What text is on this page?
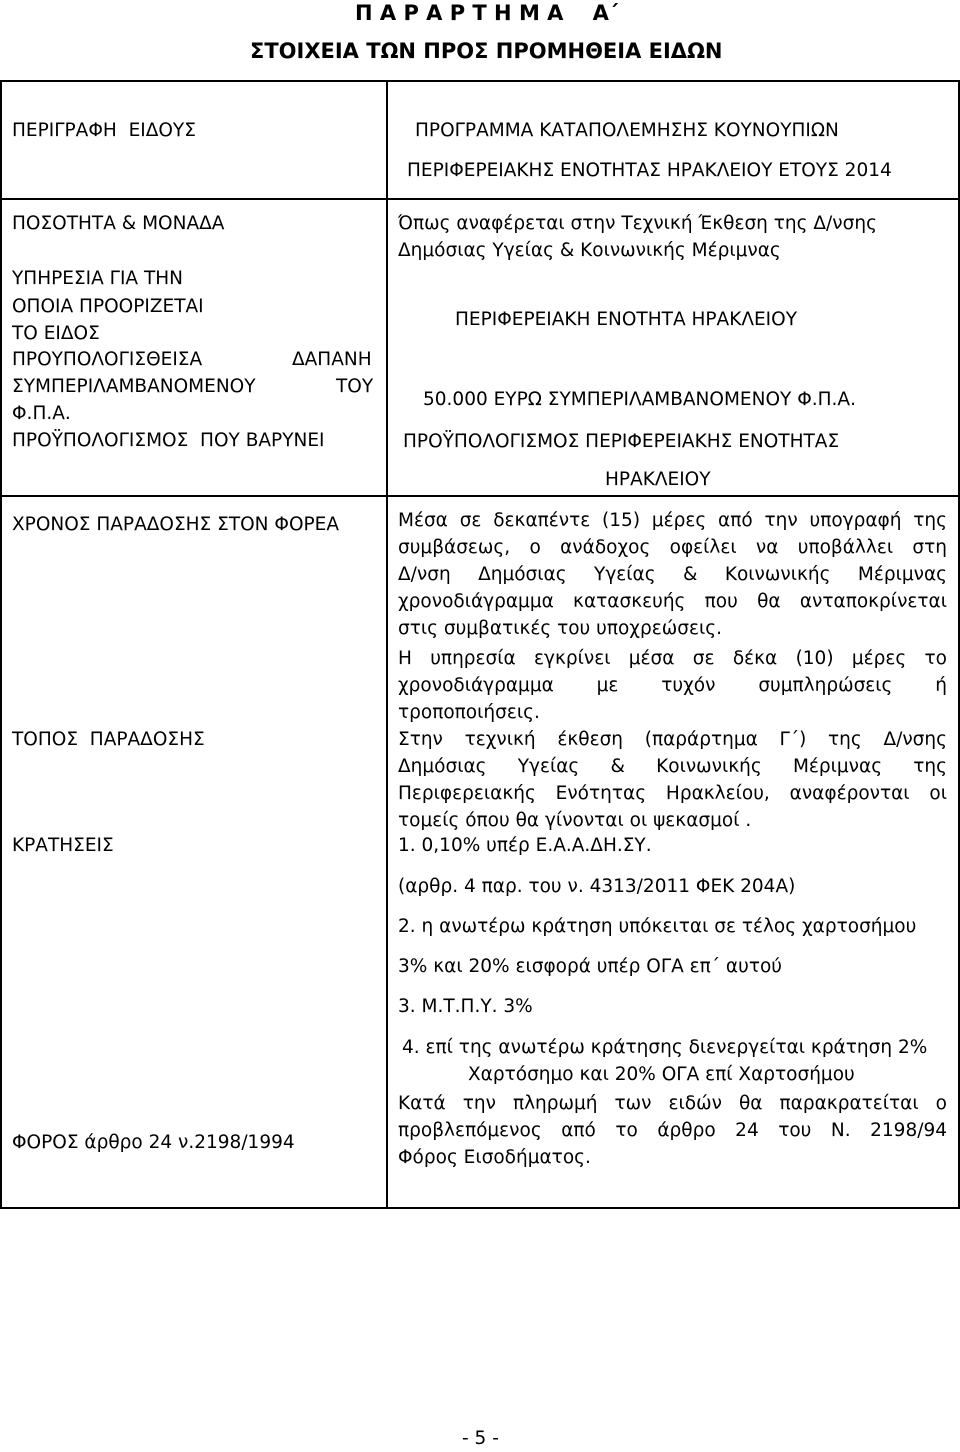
Π Α Ρ Α Ρ Τ Η Μ Α    Α΄
ΣΤΟΙΧΕΙΑ ΤΩΝ ΠΡΟΣ ΠΡΟΜΗΘΕΙΑ ΕΙΔΩΝ
ΠΕΡΙΓΡΑΦΗ  ΕΙΔΟΥΣ
ΠΟΣΟΤΗΤΑ & ΜΟΝΑΔΑ
ΥΠΗΡΕΣΙΑ ΓΙΑ ΤΗΝ
ΟΠΟΙΑ ΠΡΟΟΡΙΖΕΤΑΙ
ΤΟ ΕΙΔΟΣ
ΠΡΟΥΠΟΛΟΓΙΣΘΕΙΣΑ	ΔΑΠΑΝΗ
ΣΥΜΠΕΡΙΛΑΜΒΑΝΟΜΕΝΟΥ	ΤΟΥ
Φ.Π.Α.
ΠΡΟΫΠΟΛΟΓΙΣΜΟΣ  ΠΟΥ ΒΑΡΥΝΕΙ
ΧΡΟΝΟΣ ΠΑΡΑΔΟΣΗΣ ΣΤΟΝ ΦΟΡΕΑ
ΤΟΠΟΣ  ΠΑΡΑΔΟΣΗΣ
ΚΡΑΤΗΣΕΙΣ
ΦΟΡΟΣ άρθρο 24 ν.2198/1994
ΠΡΟΓΡΑΜΜΑ ΚΑΤΑΠΟΛΕΜΗΣΗΣ ΚΟΥΝΟΥΠΙΩΝ
ΠΕΡΙΦΕΡΕΙΑΚΗΣ ΕΝΟΤΗΤΑΣ ΗΡΑΚΛΕΙΟΥ ΕΤΟΥΣ 2014
Όπως αναφέρεται στην Τεχνική Έκθεση της Δ/νσης
Δημόσιας Υγείας & Κοινωνικής Μέριμνας
ΠΕΡΙΦΕΡΕΙΑΚΗ ΕΝΟΤΗΤΑ ΗΡΑΚΛΕΙΟΥ
50.000 ΕΥΡΩ ΣΥΜΠΕΡΙΛΑΜΒΑΝΟΜΕΝΟΥ Φ.Π.Α.
ΠΡΟΫΠΟΛΟΓΙΣΜΟΣ ΠΕΡΙΦΕΡΕΙΑΚΗΣ ΕΝΟΤΗΤΑΣ
ΗΡΑΚΛΕΙΟΥ
Μέσα σε δεκαπέντε (15) μέρες από την υπογραφή της
συμβάσεως, ο ανάδοχος οφείλει να υποβάλλει στη
Δ/νση Δημόσιας Υγείας & Κοινωνικής Μέριμνας
χρονοδιάγραμμα κατασκευής που θα ανταποκρίνεται
στις συμβατικές του υποχρεώσεις.
Η υπηρεσία εγκρίνει μέσα σε δέκα (10) μέρες το
χρονοδιάγραμμα με τυχόν συμπληρώσεις ή
τροποποιήσεις.
Στην τεχνική έκθεση (παράρτημα Γ΄) της Δ/νσης
Δημόσιας Υγείας & Κοινωνικής Μέριμνας της
Περιφερειακής Ενότητας Ηρακλείου, αναφέρονται οι
τομείς όπου θα γίνονται οι ψεκασμοί .
1. 0,10% υπέρ Ε.Α.Α.ΔΗ.ΣΥ.
(αρθρ. 4 παρ. του ν. 4313/2011 ΦΕΚ 204Α)
2. η ανωτέρω κράτηση υπόκειται σε τέλος χαρτοσήμου
3% και 20% εισφορά υπέρ ΟΓΑ επ΄ αυτού
3. Μ.Τ.Π.Υ. 3%
4. επί της ανωτέρω κράτησης διενεργείται κράτηση 2%
Χαρτόσημο και 20% ΟΓΑ επί Χαρτοσήμου
Κατά την πληρωμή των ειδών θα παρακρατείται ο
προβλεπόμενος από το άρθρο 24 του Ν. 2198/94
Φόρος Εισοδήματος.
- 5 -
